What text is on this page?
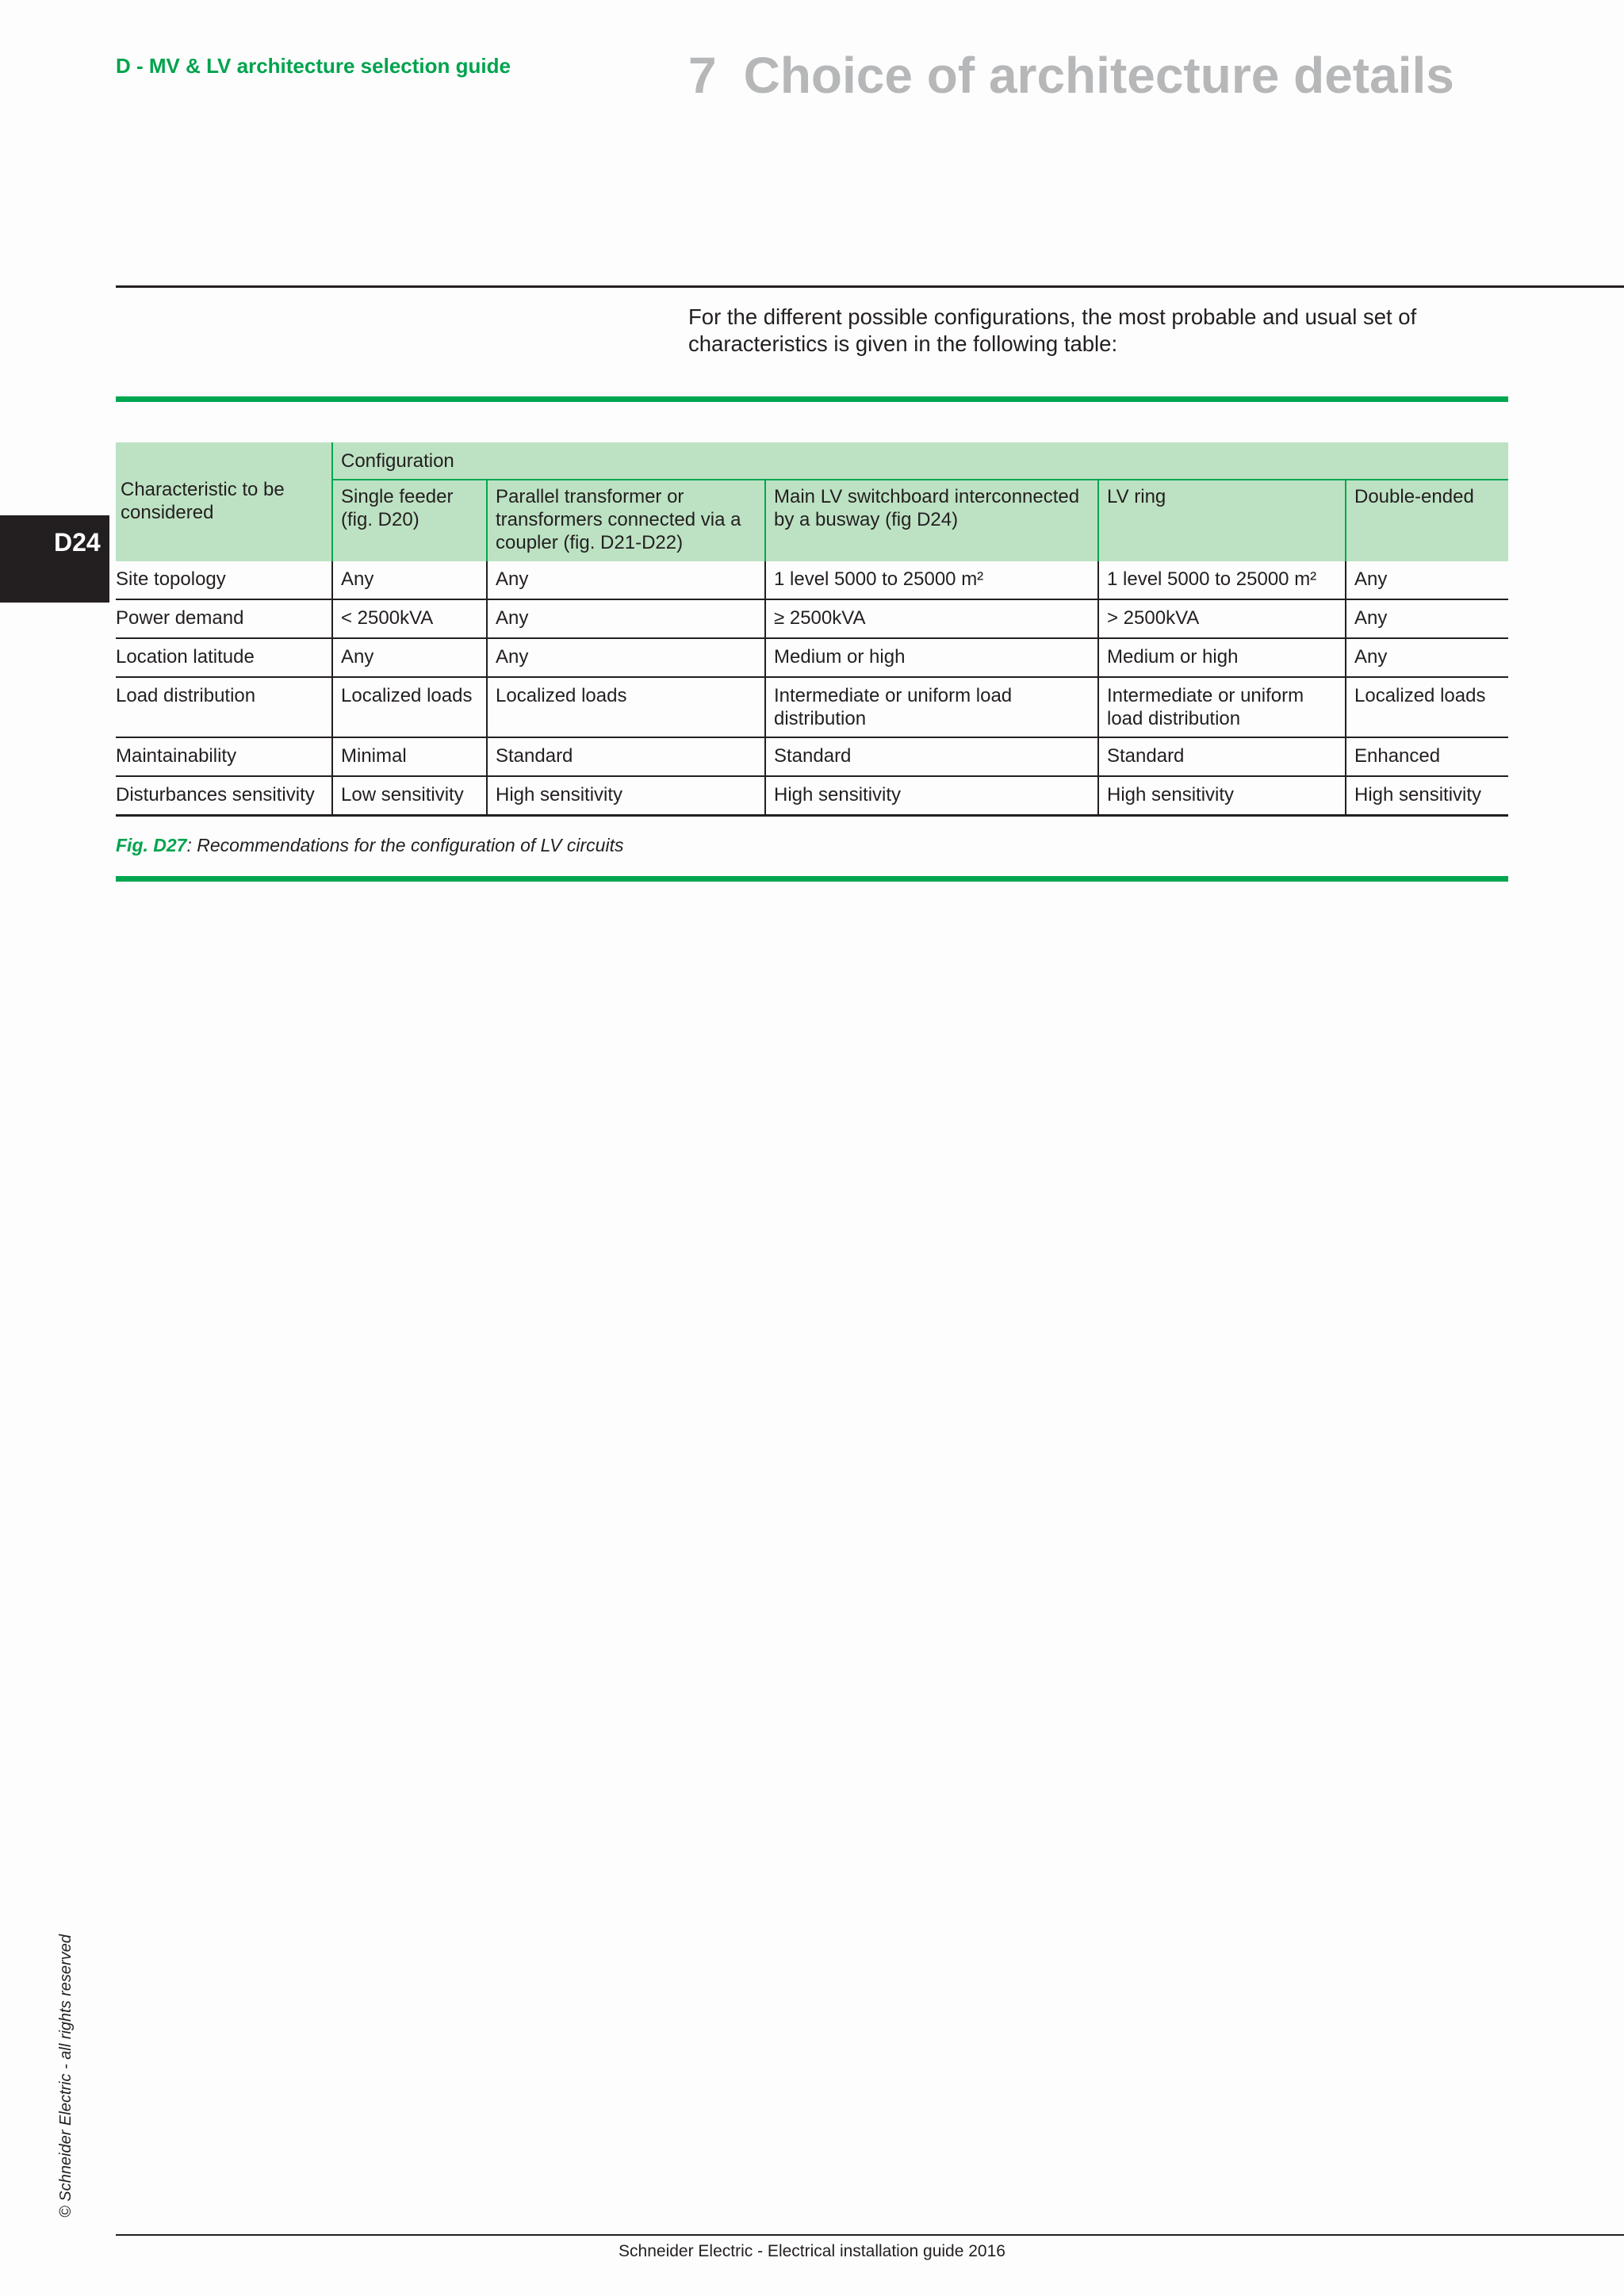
D - MV & LV architecture selection guide	7 Choice of architecture details
For the different possible configurations, the most probable and usual set of characteristics is given in the following table:
D24
Characteristic to be considered	Configuration				
	Single feeder (fig. D20)	Parallel transformer or transformers connected via a coupler (fig. D21-D22)	Main LV switchboard interconnected by a busway (fig D24)	LV ring	Double-ended
Site topology	Any	Any	1 level 5000 to 25000 m²	1 level 5000 to 25000 m²	Any
Power demand	< 2500kVA	Any	≥ 2500kVA	> 2500kVA	Any
Location latitude	Any	Any	Medium or high	Medium or high	Any
Load distribution	Localized loads	Localized loads	Intermediate or uniform load distribution	Intermediate or uniform load distribution	Localized loads
Maintainability	Minimal	Standard	Standard	Standard	Enhanced
Disturbances sensitivity	Low sensitivity	High sensitivity	High sensitivity	High sensitivity	High sensitivity
Fig. D27: Recommendations for the configuration of LV circuits
© Schneider Electric - all rights reserved
Schneider Electric - Electrical installation guide 2016
